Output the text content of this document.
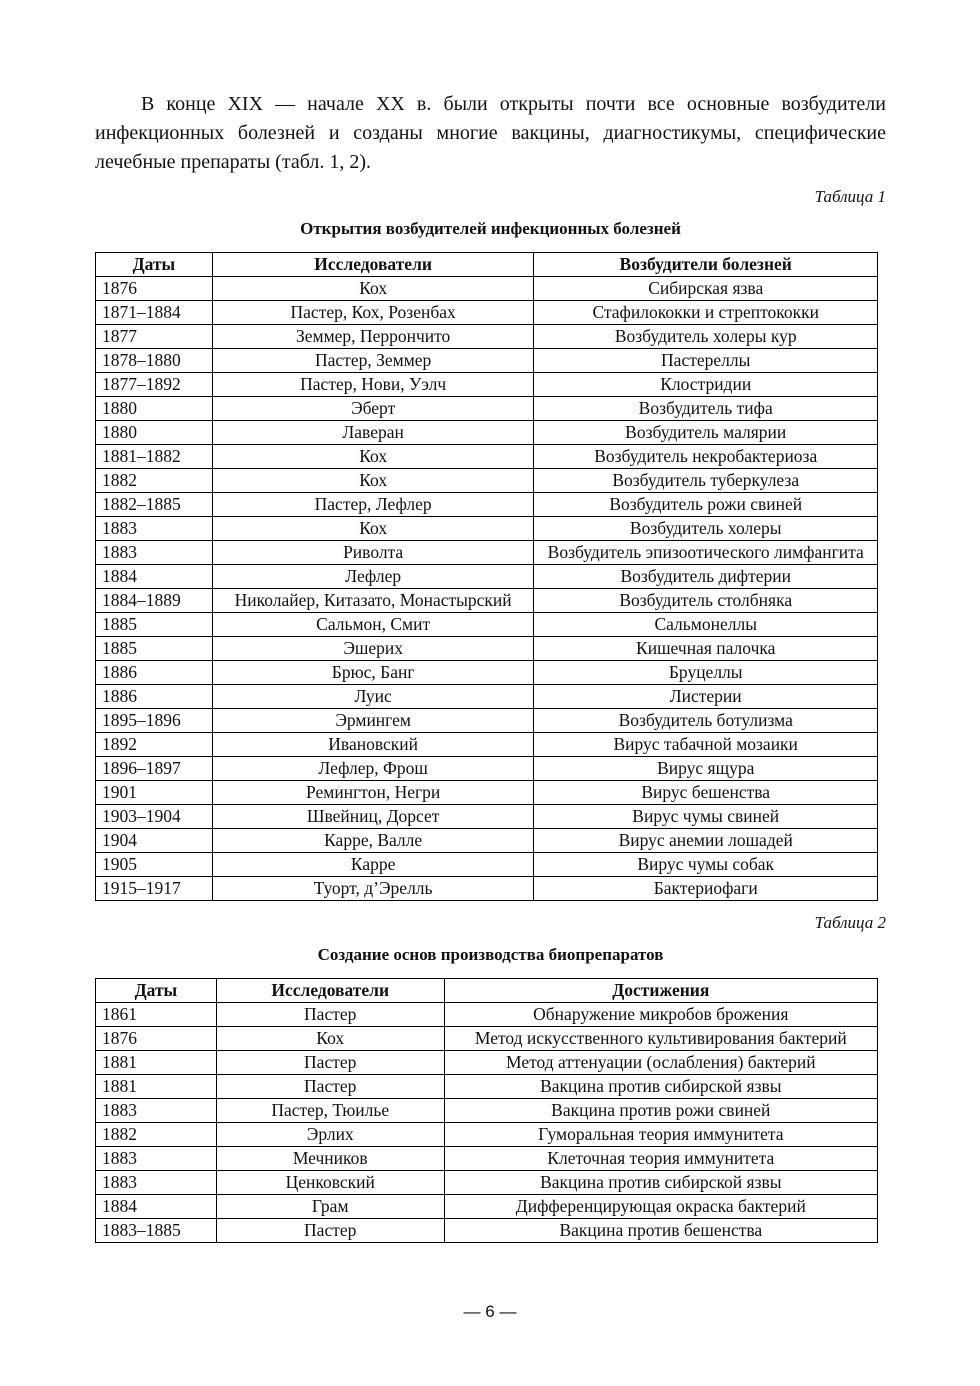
В конце XIX — начале XX в. были открыты почти все основные возбудители инфекционных болезней и созданы многие вакцины, диагностикумы, специфические лечебные препараты (табл. 1, 2).

Таблица 1
Открытия возбудителей инфекционных болезней
Даты	Исследователи	Возбудители болезней
1876	Кох	Сибирская язва
1871–1884	Пастер, Кох, Розенбах	Стафилококки и стрептококки
1877	Земмер, Перрончито	Возбудитель холеры кур
1878–1880	Пастер, Земмер	Пастереллы
1877–1892	Пастер, Нови, Уэлч	Клостридии
1880	Эберт	Возбудитель тифа
1880	Лаверан	Возбудитель малярии
1881–1882	Кох	Возбудитель некробактериоза
1882	Кох	Возбудитель туберкулеза
1882–1885	Пастер, Лефлер	Возбудитель рожи свиней
1883	Кох	Возбудитель холеры
1883	Риволта	Возбудитель эпизоотического лимфангита
1884	Лефлер	Возбудитель дифтерии
1884–1889	Николайер, Китазато, Монастырский	Возбудитель столбняка
1885	Сальмон, Смит	Сальмонеллы
1885	Эшерих	Кишечная палочка
1886	Брюс, Банг	Бруцеллы
1886	Луис	Листерии
1895–1896	Эрмингем	Возбудитель ботулизма
1892	Ивановский	Вирус табачной мозаики
1896–1897	Лефлер, Фрош	Вирус ящура
1901	Ремингтон, Негри	Вирус бешенства
1903–1904	Швейниц, Дорсет	Вирус чумы свиней
1904	Карре, Валле	Вирус анемии лошадей
1905	Карре	Вирус чумы собак
1915–1917	Туорт, д’Эрелль	Бактериофаги
Таблица 2
Создание основ производства биопрепаратов
Даты	Исследователи	Достижения
1861	Пастер	Обнаружение микробов брожения
1876	Кох	Метод искусственного культивирования бактерий
1881	Пастер	Метод аттенуации (ослабления) бактерий
1881	Пастер	Вакцина против сибирской язвы
1883	Пастер, Тюильe	Вакцина против рожи свиней
1882	Эрлих	Гуморальная теория иммунитета
1883	Мечников	Клеточная теория иммунитета
1883	Ценковский	Вакцина против сибирской язвы
1884	Грам	Дифференцирующая окраска бактерий
1883–1885	Пастер	Вакцина против бешенства
— 6 —
